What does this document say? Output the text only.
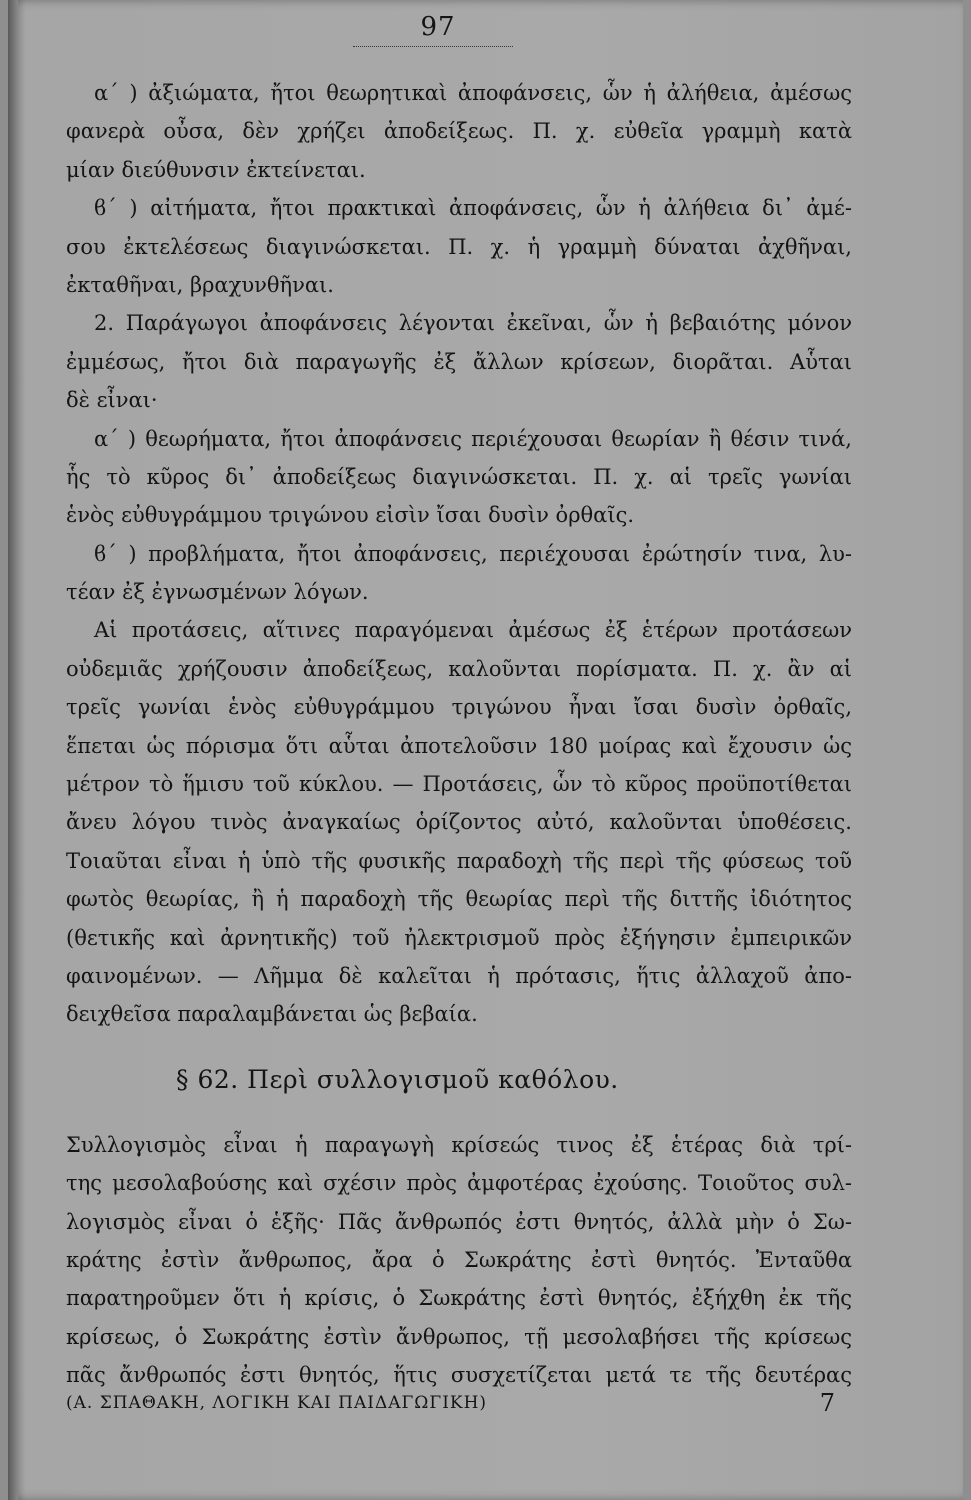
97
α΄ ) ἀξιώματα, ἤτοι θεωρητικαὶ ἀποφάνσεις, ὧν ἡ ἀλήθεια, ἀμέσως
φανερὰ οὖσα, δὲν χρήζει ἀποδείξεως. Π. χ. εὐθεῖα γραμμὴ κατὰ
μίαν διεύθυνσιν ἐκτείνεται.
ϐ΄ ) αἰτήματα, ἤτοι πρακτικαὶ ἀποφάνσεις, ὧν ἡ ἀλήθεια δι᾽ ἀμέ-
σου ἐκτελέσεως διαγινώσκεται. Π. χ. ἡ γραμμὴ δύναται ἀχθῆναι,
ἐκταθῆναι, βραχυνθῆναι.
2. Παράγωγοι ἀποφάνσεις λέγονται ἐκεῖναι, ὧν ἡ βεβαιότης μόνον
ἐμμέσως, ἤτοι διὰ παραγωγῆς ἐξ ἄλλων κρίσεων, διορᾶται. Αὗται
δὲ εἶναι·
α΄ ) θεωρήματα, ἤτοι ἀποφάνσεις περιέχουσαι θεωρίαν ἢ θέσιν τινά,
ἧς τὸ κῦρος δι᾽ ἀποδείξεως διαγινώσκεται. Π. χ. αἱ τρεῖς γωνίαι
ἑνὸς εὐθυγράμμου τριγώνου εἰσὶν ἴσαι δυσὶν ὀρθαῖς.
ϐ΄ ) προβλήματα, ἤτοι ἀποφάνσεις, περιέχουσαι ἐρώτησίν τινα, λυ-
τέαν ἐξ ἐγνωσμένων λόγων.
Αἱ προτάσεις, αἵτινες παραγόμεναι ἀμέσως ἐξ ἑτέρων προτάσεων
οὐδεμιᾶς χρήζουσιν ἀποδείξεως, καλοῦνται πορίσματα. Π. χ. ἂν αἱ
τρεῖς γωνίαι ἑνὸς εὐθυγράμμου τριγώνου ἦναι ἴσαι δυσὶν ὀρθαῖς,
ἕπεται ὡς πόρισμα ὅτι αὗται ἀποτελοῦσιν 180 μοίρας καὶ ἔχουσιν ὡς
μέτρον τὸ ἥμισυ τοῦ κύκλου. — Προτάσεις, ὧν τὸ κῦρος προϋποτίθεται
ἄνευ λόγου τινὸς ἀναγκαίως ὁρίζοντος αὐτό, καλοῦνται ὑποθέσεις.
Τοιαῦται εἶναι ἡ ὑπὸ τῆς φυσικῆς παραδοχὴ τῆς περὶ τῆς φύσεως τοῦ
φωτὸς θεωρίας, ἢ ἡ παραδοχὴ τῆς θεωρίας περὶ τῆς διττῆς ἰδιότητος
(θετικῆς καὶ ἀρνητικῆς) τοῦ ἠλεκτρισμοῦ πρὸς ἐξήγησιν ἐμπειρικῶν
φαινομένων. — Λῆμμα δὲ καλεῖται ἡ πρότασις, ἥτις ἀλλαχοῦ ἀπο-
δειχθεῖσα παραλαμβάνεται ὡς βεβαία.
§ 62. Περὶ συλλογισμοῦ καθόλου.
Συλλογισμὸς εἶναι ἡ παραγωγὴ κρίσεώς τινος ἐξ ἑτέρας διὰ τρί-
της μεσολαβούσης καὶ σχέσιν πρὸς ἀμφοτέρας ἐχούσης. Τοιοῦτος συλ-
λογισμὸς εἶναι ὁ ἑξῆς· Πᾶς ἄνθρωπός ἐστι θνητός, ἀλλὰ μὴν ὁ Σω-
κράτης ἐστὶν ἄνθρωπος, ἄρα ὁ Σωκράτης ἐστὶ θνητός. Ἐνταῦθα
παρατηροῦμεν ὅτι ἡ κρίσις, ὁ Σωκράτης ἐστὶ θνητός, ἐξήχθη ἐκ τῆς
κρίσεως, ὁ Σωκράτης ἐστὶν ἄνθρωπος, τῇ μεσολαβήσει τῆς κρίσεως
πᾶς ἄνθρωπός ἐστι θνητός, ἥτις συσχετίζεται μετά τε τῆς δευτέρας
(Α. ΣΠΑΘΑΚΗ, ΛΟΓΙΚΗ ΚΑΙ ΠΑΙΔΑΓΩΓΙΚΗ)	7
